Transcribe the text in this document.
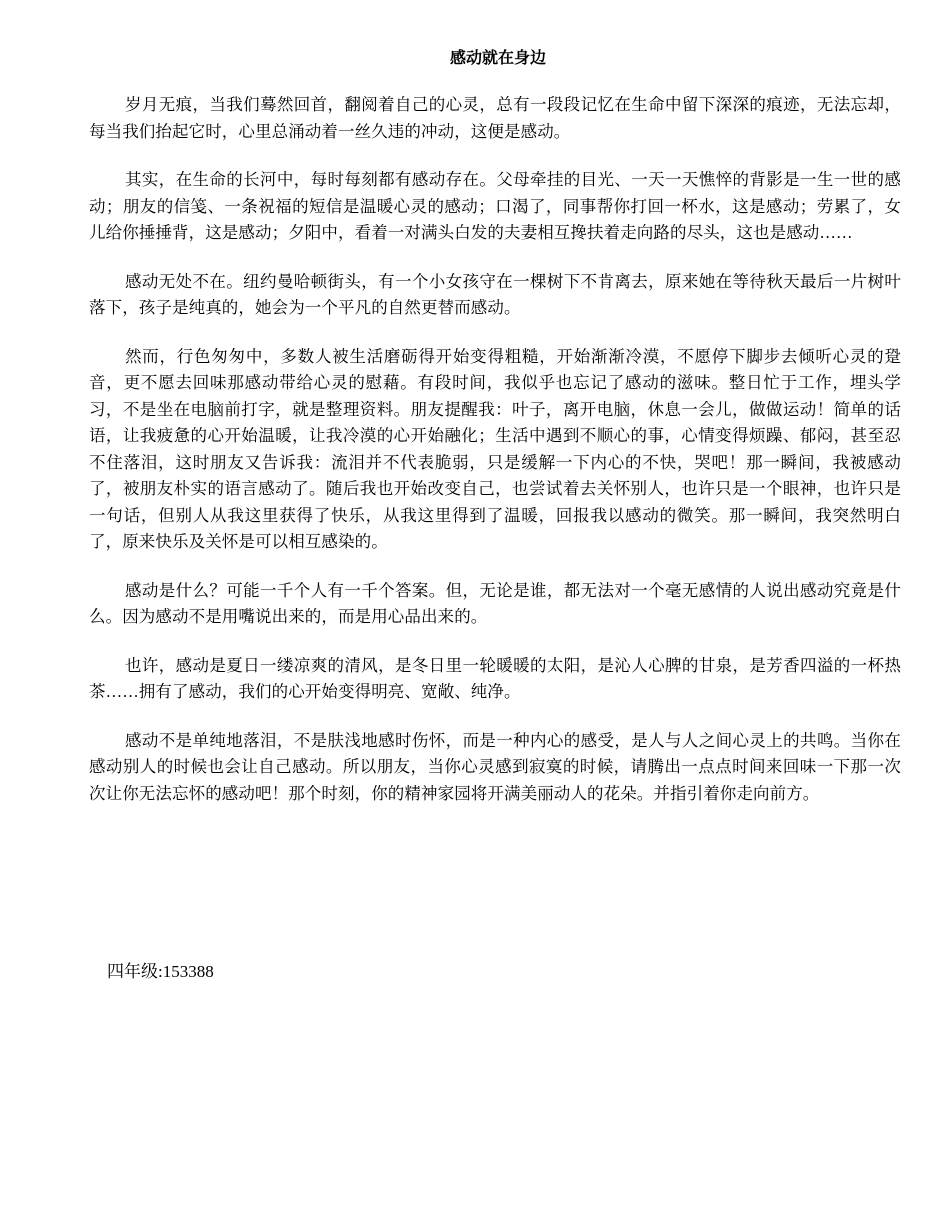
感动就在身边

岁月无痕，当我们蓦然回首，翻阅着自己的心灵，总有一段段记忆在生命中留下深深的痕迹，无法忘却，每当我们抬起它时，心里总涌动着一丝久违的冲动，这便是感动。

其实，在生命的长河中，每时每刻都有感动存在。父母牵挂的目光、一天一天憔悴的背影是一生一世的感动；朋友的信笺、一条祝福的短信是温暖心灵的感动；口渴了，同事帮你打回一杯水，这是感动；劳累了，女儿给你捶捶背，这是感动；夕阳中，看着一对满头白发的夫妻相互搀扶着走向路的尽头，这也是感动……

感动无处不在。纽约曼哈顿街头，有一个小女孩守在一棵树下不肯离去，原来她在等待秋天最后一片树叶落下，孩子是纯真的，她会为一个平凡的自然更替而感动。

然而，行色匆匆中，多数人被生活磨砺得开始变得粗糙，开始渐渐冷漠，不愿停下脚步去倾听心灵的跫音，更不愿去回味那感动带给心灵的慰藉。有段时间，我似乎也忘记了感动的滋味。整日忙于工作，埋头学习，不是坐在电脑前打字，就是整理资料。朋友提醒我：叶子，离开电脑，休息一会儿，做做运动！简单的话语，让我疲惫的心开始温暖，让我冷漠的心开始融化；生活中遇到不顺心的事，心情变得烦躁、郁闷，甚至忍不住落泪，这时朋友又告诉我：流泪并不代表脆弱，只是缓解一下内心的不快，哭吧！那一瞬间，我被感动了，被朋友朴实的语言感动了。随后我也开始改变自己，也尝试着去关怀别人，也许只是一个眼神，也许只是一句话，但别人从我这里获得了快乐，从我这里得到了温暖，回报我以感动的微笑。那一瞬间，我突然明白了，原来快乐及关怀是可以相互感染的。

感动是什么？可能一千个人有一千个答案。但，无论是谁，都无法对一个毫无感情的人说出感动究竟是什么。因为感动不是用嘴说出来的，而是用心品出来的。

也许，感动是夏日一缕凉爽的清风，是冬日里一轮暖暖的太阳，是沁人心脾的甘泉，是芳香四溢的一杯热茶……拥有了感动，我们的心开始变得明亮、宽敞、纯净。

感动不是单纯地落泪，不是肤浅地感时伤怀，而是一种内心的感受，是人与人之间心灵上的共鸣。当你在感动别人的时候也会让自己感动。所以朋友，当你心灵感到寂寞的时候，请腾出一点点时间来回味一下那一次次让你无法忘怀的感动吧！那个时刻，你的精神家园将开满美丽动人的花朵。并指引着你走向前方。

四年级:153388
